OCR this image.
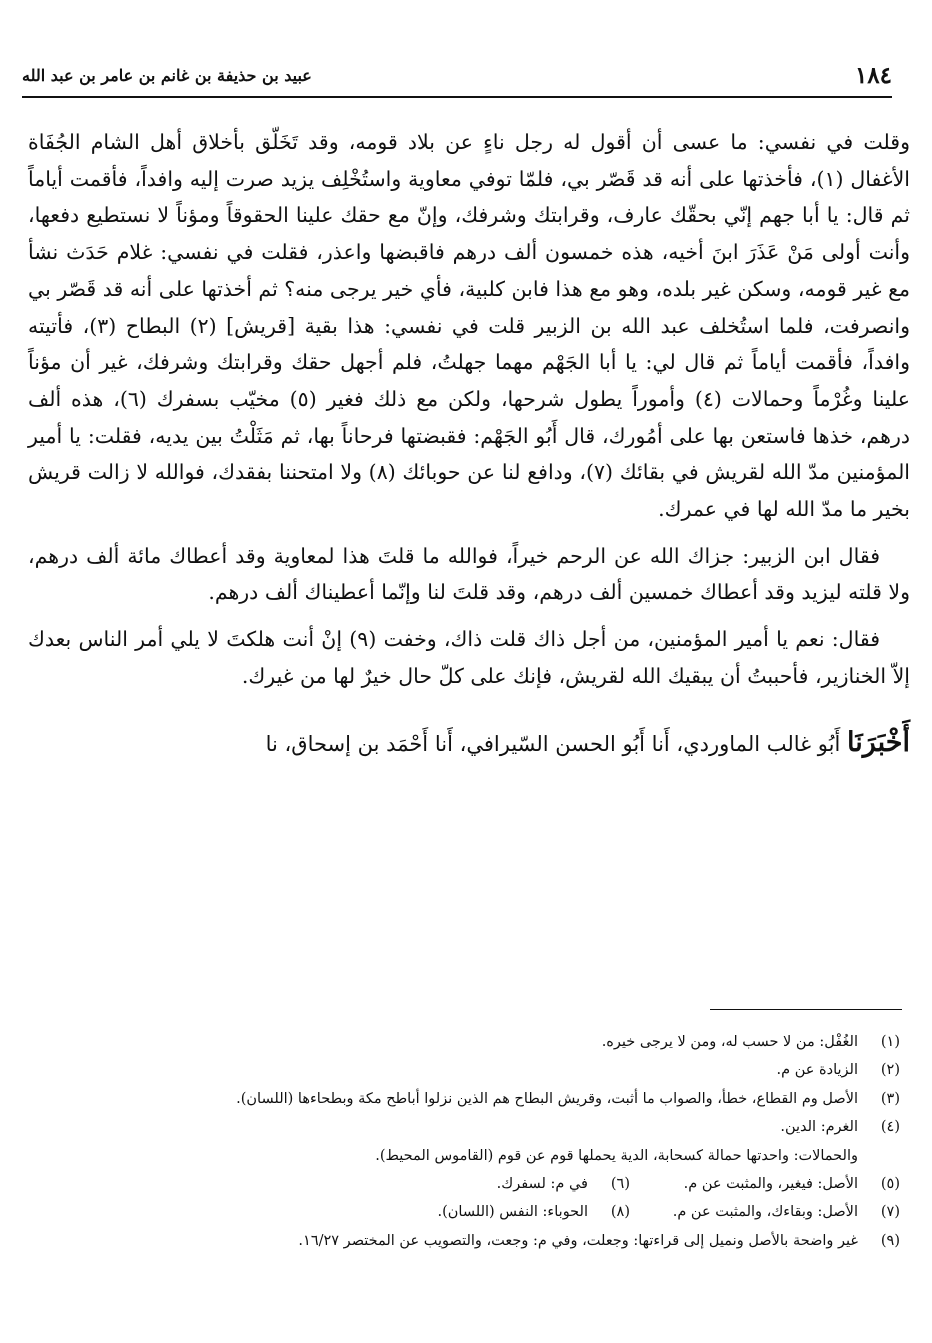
١٨٤
عبيد بن حذيفة بن غانم بن عامر بن عبد الله

وقلت في نفسي: ما عسى أن أقول له رجل ناءٍ عن بلاد قومه، وقد تَخَلّق بأخلاق أهل الشام الجُفَاة الأغفال (١)، فأخذتها على أنه قد قَصّر بي، فلمّا توفي معاوية واستُخْلِف يزيد صرت إليه وافداً، فأقمت أياماً ثم قال: يا أبا جهم إنّي بحقّك عارف، وقرابتك وشرفك، وإنّ مع حقك علينا الحقوقاً ومؤناً لا نستطيع دفعها، وأنت أولى مَنْ عَذَرَ ابنَ أخيه، هذه خمسون ألف درهم فاقبضها واعذر، فقلت في نفسي: غلام حَدَث نشأ مع غير قومه، وسكن غير بلده، وهو مع هذا فابن كلبية، فأي خير يرجى منه؟ ثم أخذتها على أنه قد قَصّر بي وانصرفت، فلما استُخلف عبد الله بن الزبير قلت في نفسي: هذا بقية [قريش] (٢) البطاح (٣)، فأتيته وافداً، فأقمت أياماً ثم قال لي: يا أبا الجَهْم مهما جهلتُ، فلم أجهل حقك وقرابتك وشرفك، غير أن مؤناً علينا وغُرْماً وحمالات (٤) وأموراً يطول شرحها، ولكن مع ذلك فغير (٥) مخيّب بسفرك (٦)، هذه ألف درهم، خذها فاستعن بها على أمُورك، قال أَبُو الجَهْم: فقبضتها فرحاناً بها، ثم مَثَلْتُ بين يديه، فقلت: يا أمير المؤمنين مدّ الله لقريش في بقائك (٧)، ودافع لنا عن حوبائك (٨) ولا امتحننا بفقدك، فوالله لا زالت قريش بخير ما مدّ الله لها في عمرك.

فقال ابن الزبير: جزاك الله عن الرحم خيراً، فوالله ما قلتَ هذا لمعاوية وقد أعطاك مائة ألف درهم، ولا قلته ليزيد وقد أعطاك خمسين ألف درهم، وقد قلتَ لنا وإنّما أعطيناك ألف درهم.

فقال: نعم يا أمير المؤمنين، من أجل ذاك قلت ذاك، وخفت (٩) إنْ أنت هلكتَ لا يلي أمر الناس بعدك إلاّ الخنازير، فأحببتُ أن يبقيك الله لقريش، فإنك على كلّ حال خيرٌ لها من غيرك.

أَخْبَرَنَا أَبُو غالب الماوردي، أَنا أَبُو الحسن السّيرافي، أَنا أَحْمَد بن إسحاق، نا

(١)
الغُفْل: من لا حسب له، ومن لا يرجى خيره.
(٢)
الزيادة عن م.
(٣)
الأصل وم القطاع، خطأ، والصواب ما أثبت، وقريش البطاح هم الذين نزلوا أباطح مكة وبطحاءها (اللسان).
(٤)
الغرم: الدين.
والحمالات: واحدتها حمالة كسحابة، الدية يحملها قوم عن قوم (القاموس المحيط).
(٥)
الأصل: فيغير، والمثبت عن م.
(٦)
في م: لسفرك.
(٧)
الأصل: وبقاءك، والمثبت عن م.
(٨)
الحوباء: النفس (اللسان).
(٩)
غير واضحة بالأصل ونميل إلى قراءتها: وجعلت، وفي م: وجعت، والتصويب عن المختصر ١٦/٢٧.
